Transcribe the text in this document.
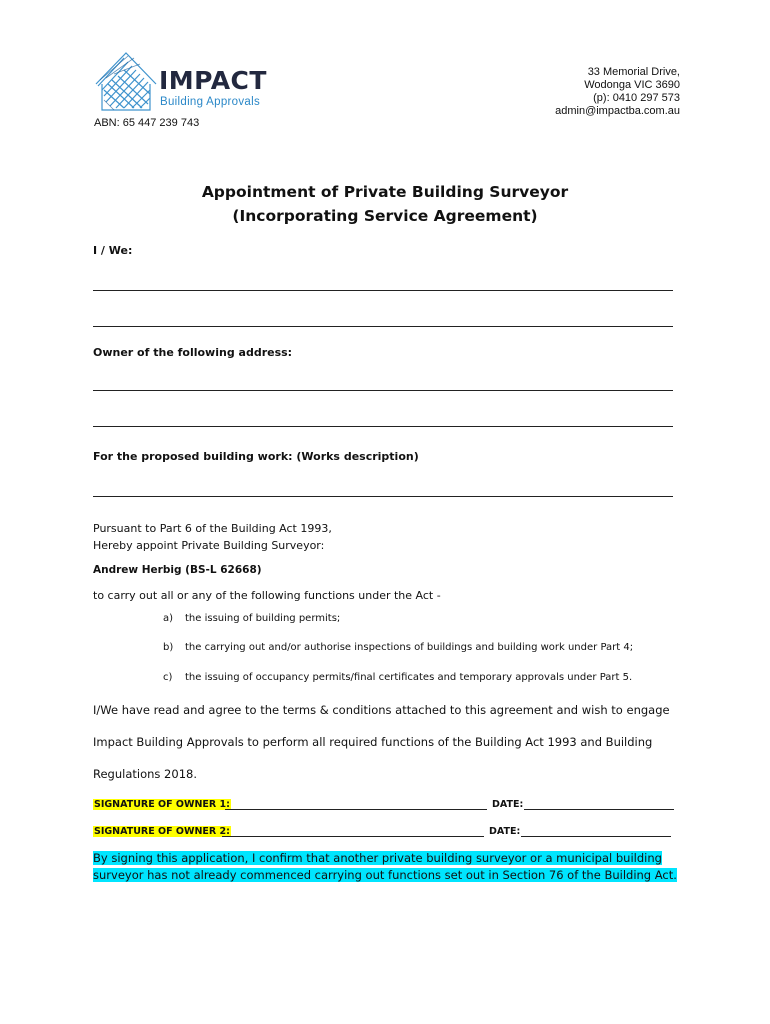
IMPACT
Building Approvals
ABN: 65 447 239 743
33 Memorial Drive,
Wodonga VIC 3690
(p): 0410 297 573
admin@impactba.com.au
Appointment of Private Building Surveyor
(Incorporating Service Agreement)
I / We:
Owner of the following address:
For the proposed building work: (Works description)
Pursuant to Part 6 of the Building Act 1993,
Hereby appoint Private Building Surveyor:
Andrew Herbig (BS-L 62668)
to carry out all or any of the following functions under the Act -
a) the issuing of building permits;
b) the carrying out and/or authorise inspections of buildings and building work under Part 4;
c) the issuing of occupancy permits/final certificates and temporary approvals under Part 5.
I/We have read and agree to the terms & conditions attached to this agreement and wish to engage
Impact Building Approvals to perform all required functions of the Building Act 1993 and Building
Regulations 2018.
SIGNATURE OF OWNER 1:	DATE:
SIGNATURE OF OWNER 2:	DATE:
By signing this application, I confirm that another private building surveyor or a municipal building
surveyor has not already commenced carrying out functions set out in Section 76 of the Building Act.
